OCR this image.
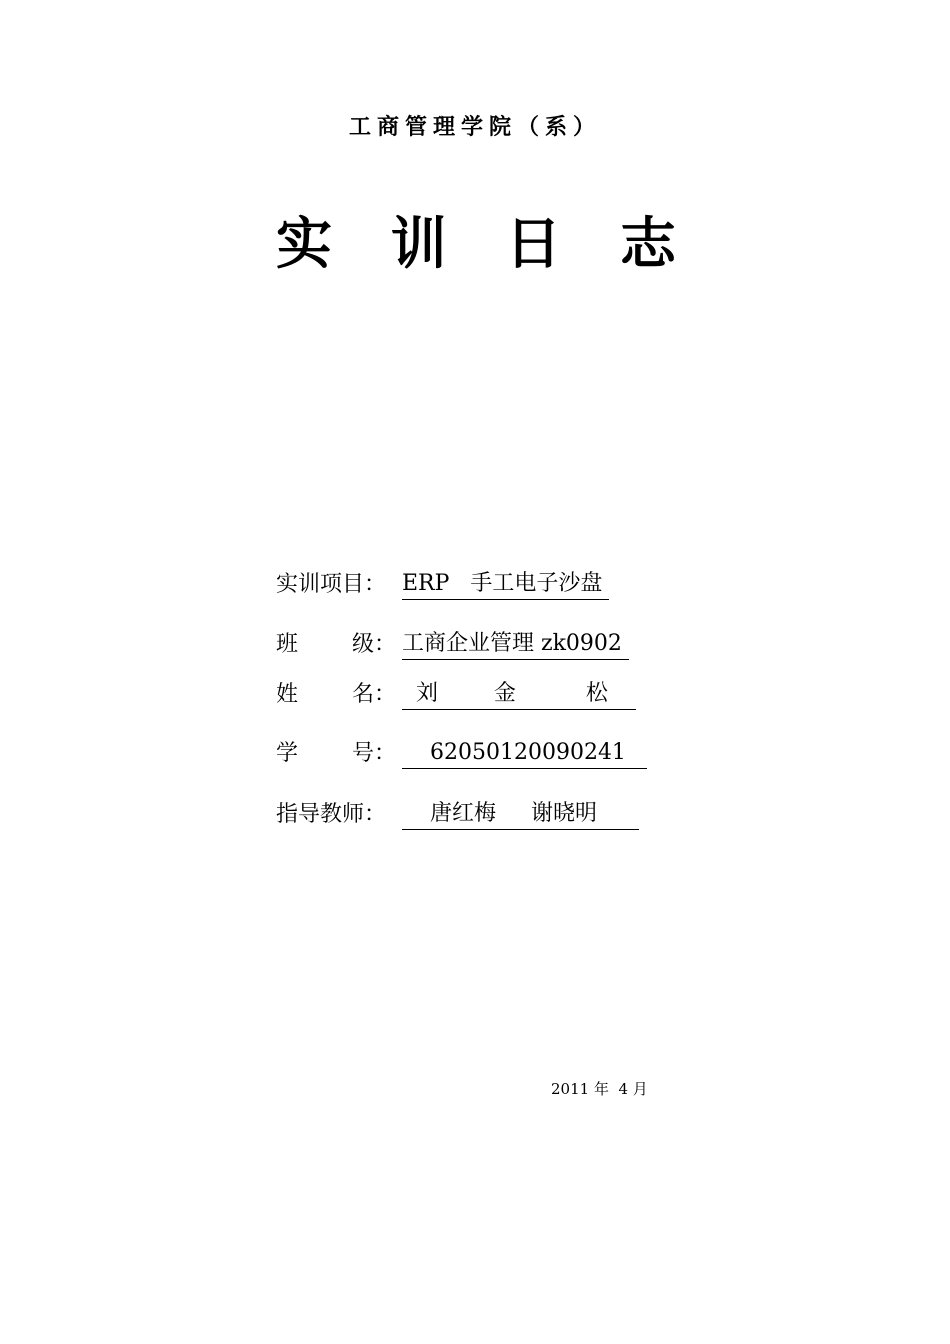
工商管理学院（系）
实 训 日 志
实训项目： ERP   手工电子沙盘
班 级： 工商企业管理 zk0902
姓 名： 刘        金          松
学 号： 62050120090241
指导教师： 唐红梅     谢晓明
2011 年  4 月
